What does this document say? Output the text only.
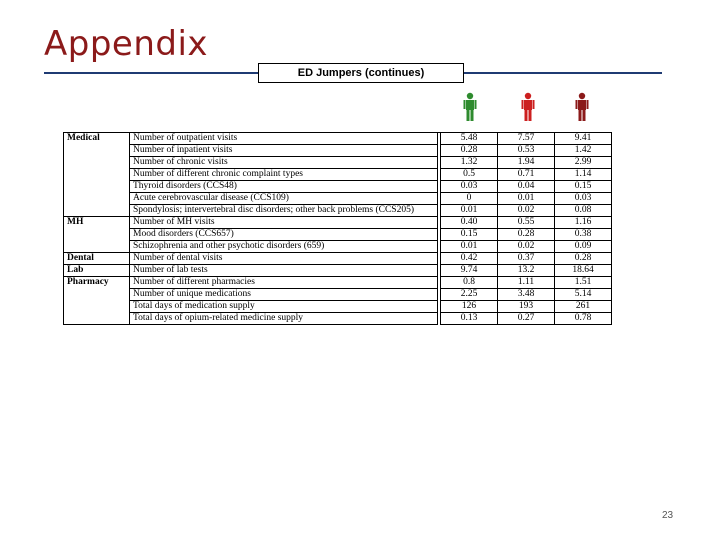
Appendix
ED Jumpers (continues)
Medical	Number of outpatient visits		5.48	7.57	9.41
	Number of inpatient visits		0.28	0.53	1.42
	Number of chronic visits		1.32	1.94	2.99
	Number of different chronic complaint types		0.5	0.71	1.14
	Thyroid disorders (CCS48)		0.03	0.04	0.15
	Acute cerebrovascular disease (CCS109)		0	0.01	0.03
	Spondylosis; intervertebral disc disorders; other back problems (CCS205)		0.01	0.02	0.08
MH	Number of MH visits		0.40	0.55	1.16
	Mood disorders (CCS657)		0.15	0.28	0.38
	Schizophrenia and other psychotic disorders (659)		0.01	0.02	0.09
Dental	Number of dental visits		0.42	0.37	0.28
Lab	Number of lab tests		9.74	13.2	18.64
Pharmacy	Number of different pharmacies		0.8	1.11	1.51
	Number of unique medications		2.25	3.48	5.14
	Total days of medication supply		126	193	261
	Total days of opium-related medicine supply		0.13	0.27	0.78
23
